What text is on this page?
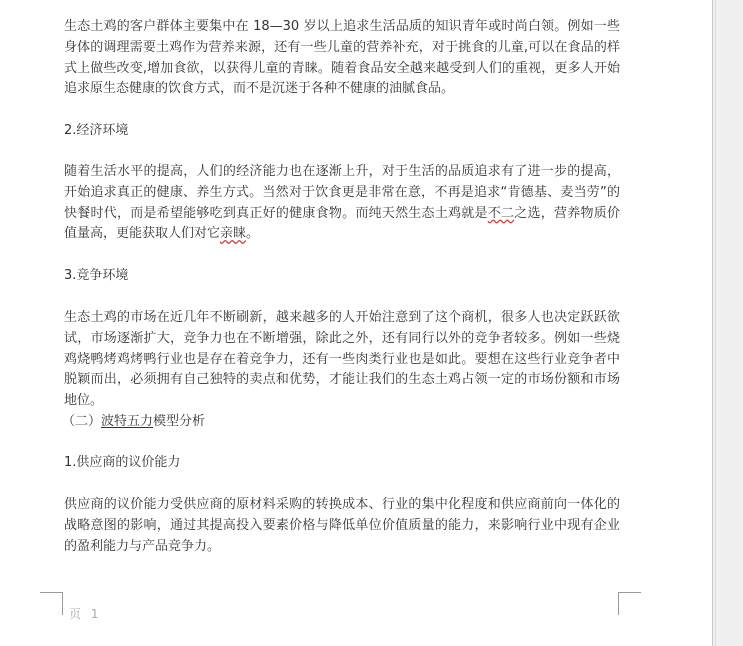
生态土鸡的客户群体主要集中在 18—30 岁以上追求生活品质的知识青年或时尚白领。例如一些身体的调理需要土鸡作为营养来源，还有一些儿童的营养补充，对于挑食的儿童,可以在食品的样式上做些改变,增加食欲，以获得儿童的青睐。随着食品安全越来越受到人们的重视，更多人开始追求原生态健康的饮食方式，而不是沉迷于各种不健康的油腻食品。
2.经济环境
随着生活水平的提高，人们的经济能力也在逐渐上升，对于生活的品质追求有了进一步的提高，开始追求真正的健康、养生方式。当然对于饮食更是非常在意，不再是追求“肯德基、麦当劳”的快餐时代，而是希望能够吃到真正好的健康食物。而纯天然生态土鸡就是不二之选，营养物质价值量高，更能获取人们对它亲睐。
3.竞争环境
生态土鸡的市场在近几年不断刷新，越来越多的人开始注意到了这个商机，很多人也决定跃跃欲试，市场逐渐扩大，竞争力也在不断增强，除此之外，还有同行以外的竞争者较多。例如一些烧鸡烧鸭烤鸡烤鸭行业也是存在着竞争力，还有一些肉类行业也是如此。要想在这些行业竞争者中脱颖而出，必须拥有自己独特的卖点和优势，才能让我们的生态土鸡占领一定的市场份额和市场地位。
（二）波特五力模型分析
1.供应商的议价能力
供应商的议价能力受供应商的原材料采购的转换成本、行业的集中化程度和供应商前向一体化的战略意图的影响，通过其提高投入要素价格与降低单位价值质量的能力，来影响行业中现有企业的盈利能力与产品竞争力。
页 1
